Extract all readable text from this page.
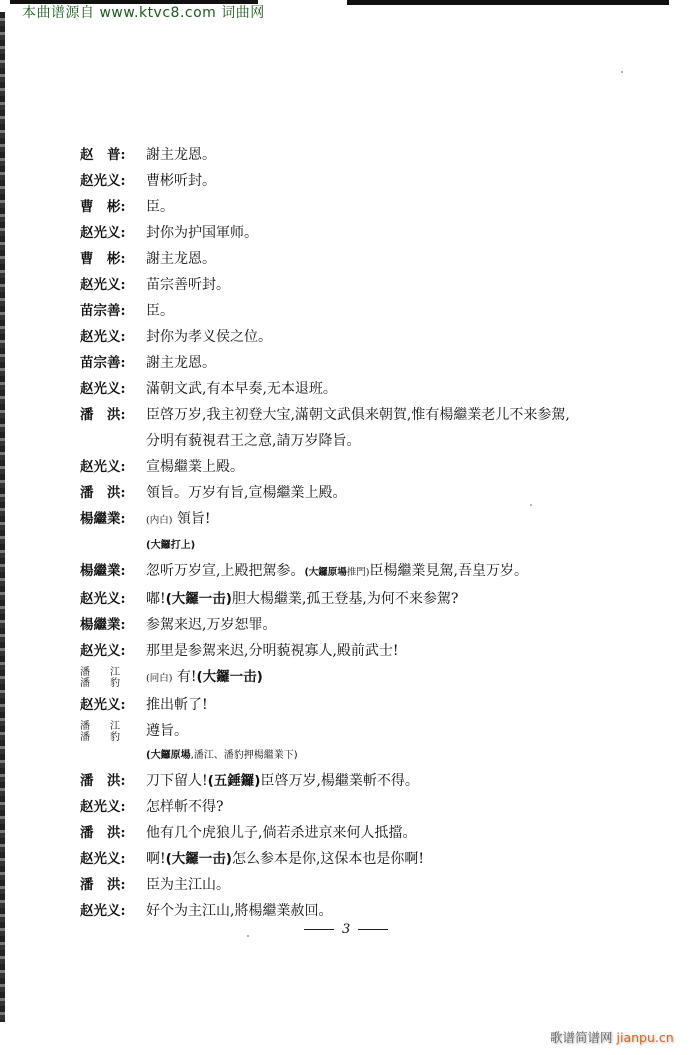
本曲谱源自 www.ktvc8.com 词曲网
赵　普:	謝主龙恩。
赵光义:	曹彬听封。
曹　彬:	臣。
赵光义:	封你为护国軍师。
曹　彬:	謝主龙恩。
赵光义:	苗宗善听封。
苗宗善:	臣。
赵光义:	封你为孝义侯之位。
苗宗善:	謝主龙恩。
赵光义:	滿朝文武,有本早奏,无本退班。
潘　洪:	臣啓万岁,我主初登大宝,滿朝文武俱来朝賀,惟有楊繼業老儿不来参駕,
分明有藐視君王之意,請万岁降旨。
赵光义:	宣楊繼業上殿。
潘　洪:	領旨。万岁有旨,宣楊繼業上殿。
楊繼業:	(内白) 領旨!
(大鑼打上)
楊繼業:	忽听万岁宣,上殿把駕参。(大鑼原場推門)臣楊繼業見駕,吾皇万岁。
赵光义:	嘟!(大鑼一击)胆大楊繼業,孤王登基,为何不来参駕?
楊繼業:	参駕来迟,万岁恕罪。
赵光义:	那里是参駕来迟,分明藐視寡人,殿前武士!
潘江
潘豹 (同白) 有!(大鑼一击)
赵光义:	推出斬了!
潘江
潘豹 遵旨。
(大鑼原場,潘江、潘豹押楊繼業下)
潘　洪:	刀下留人!(五錘鑼)臣啓万岁,楊繼業斬不得。
赵光义:	怎样斬不得?
潘　洪:	他有几个虎狼儿子,倘若杀进京来何人抵擋。
赵光义:	啊!(大鑼一击)怎么参本是你,这保本也是你啊!
潘　洪:	臣为主江山。
赵光义:	好个为主江山,將楊繼業赦回。
3
歌谱简谱网 jianpu.cn
